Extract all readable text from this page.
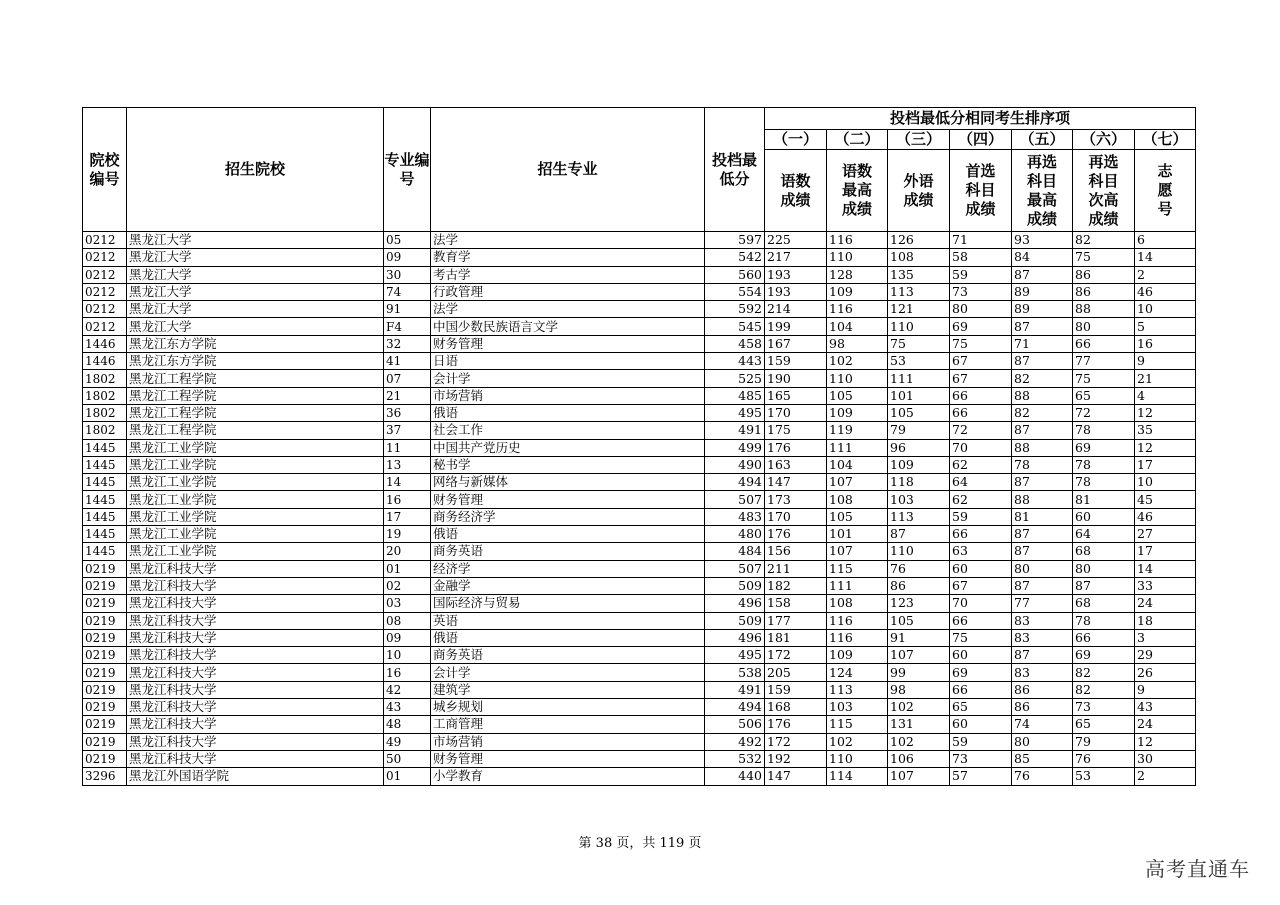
院校编号	招生院校	专业编号	招生专业	投档最低分	投档最低分相同考生排序项						
					（一）	（二）	（三）	（四）	（五）	（六）	（七）

					语数成绩	语数最高成绩	外语成绩	首选科目成绩	再选科目最高成绩	再选科目次高成绩	志愿号

0212	黑龙江大学	05	法学	597	225	116	126	71	93	82	6
0212	黑龙江大学	09	教育学	542	217	110	108	58	84	75	14
0212	黑龙江大学	30	考古学	560	193	128	135	59	87	86	2
0212	黑龙江大学	74	行政管理	554	193	109	113	73	89	86	46
0212	黑龙江大学	91	法学	592	214	116	121	80	89	88	10
0212	黑龙江大学	F4	中国少数民族语言文学	545	199	104	110	69	87	80	5
1446	黑龙江东方学院	32	财务管理	458	167	98	75	75	71	66	16
1446	黑龙江东方学院	41	日语	443	159	102	53	67	87	77	9
1802	黑龙江工程学院	07	会计学	525	190	110	111	67	82	75	21
1802	黑龙江工程学院	21	市场营销	485	165	105	101	66	88	65	4
1802	黑龙江工程学院	36	俄语	495	170	109	105	66	82	72	12
1802	黑龙江工程学院	37	社会工作	491	175	119	79	72	87	78	35
1445	黑龙江工业学院	11	中国共产党历史	499	176	111	96	70	88	69	12
1445	黑龙江工业学院	13	秘书学	490	163	104	109	62	78	78	17
1445	黑龙江工业学院	14	网络与新媒体	494	147	107	118	64	87	78	10
1445	黑龙江工业学院	16	财务管理	507	173	108	103	62	88	81	45
1445	黑龙江工业学院	17	商务经济学	483	170	105	113	59	81	60	46
1445	黑龙江工业学院	19	俄语	480	176	101	87	66	87	64	27
1445	黑龙江工业学院	20	商务英语	484	156	107	110	63	87	68	17
0219	黑龙江科技大学	01	经济学	507	211	115	76	60	80	80	14
0219	黑龙江科技大学	02	金融学	509	182	111	86	67	87	87	33
0219	黑龙江科技大学	03	国际经济与贸易	496	158	108	123	70	77	68	24
0219	黑龙江科技大学	08	英语	509	177	116	105	66	83	78	18
0219	黑龙江科技大学	09	俄语	496	181	116	91	75	83	66	3
0219	黑龙江科技大学	10	商务英语	495	172	109	107	60	87	69	29
0219	黑龙江科技大学	16	会计学	538	205	124	99	69	83	82	26
0219	黑龙江科技大学	42	建筑学	491	159	113	98	66	86	82	9
0219	黑龙江科技大学	43	城乡规划	494	168	103	102	65	86	73	43
0219	黑龙江科技大学	48	工商管理	506	176	115	131	60	74	65	24
0219	黑龙江科技大学	49	市场营销	492	172	102	102	59	80	79	12
0219	黑龙江科技大学	50	财务管理	532	192	110	106	73	85	76	30
3296	黑龙江外国语学院	01	小学教育	440	147	114	107	57	76	53	2
第 38 页，共 119 页
高考直通车
